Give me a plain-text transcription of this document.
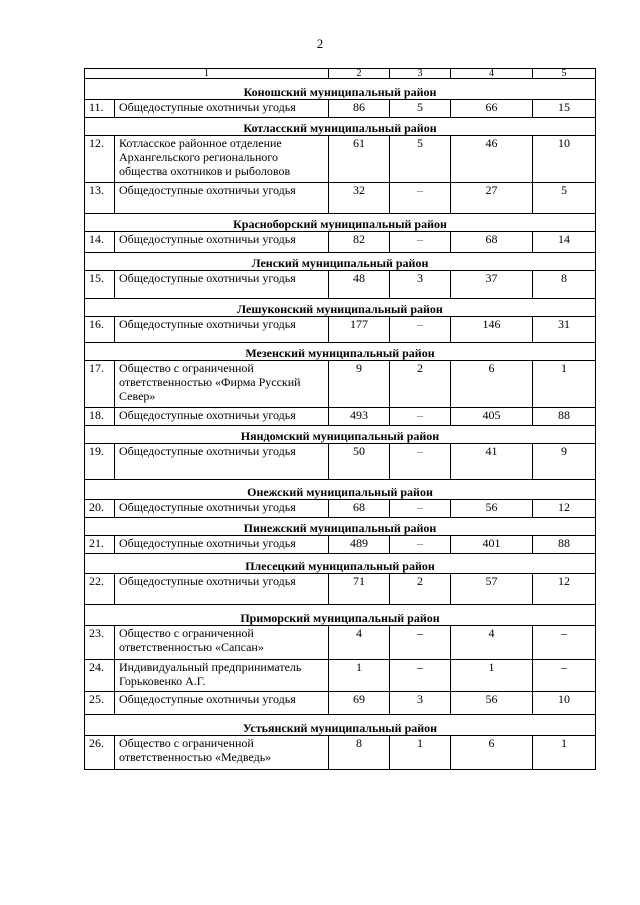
2
1		2	3	4	5
Коношский муниципальный район					
11.	Общедоступные охотничьи угодья	86	5	66	15
Котласский муниципальный район					
12.	Котласское районное отделение Архангельского регионального общества охотников и рыболовов	61	5	46	10
13.	Общедоступные охотничьи угодья	32	–	27	5
Красноборский муниципальный район					
14.	Общедоступные охотничьи угодья	82	–	68	14
Ленский муниципальный район					
15.	Общедоступные охотничьи угодья	48	3	37	8
Лешуконский муниципальный район					
16.	Общедоступные охотничьи угодья	177	–	146	31
Мезенский муниципальный район					
17.	Общество с ограниченной ответственностью «Фирма Русский Север»	9	2	6	1
18.	Общедоступные охотничьи угодья	493	–	405	88
Няндомский муниципальный район					
19.	Общедоступные охотничьи угодья	50	–	41	9
Онежский муниципальный район					
20.	Общедоступные охотничьи угодья	68	–	56	12
Пинежский муниципальный район					
21.	Общедоступные охотничьи угодья	489	–	401	88
Плесецкий муниципальный район					
22.	Общедоступные охотничьи угодья	71	2	57	12
Приморский муниципальный район					
23.	Общество с ограниченной ответственностью «Сапсан»	4	–	4	–
24.	Индивидуальный предприниматель Горьковенко А.Г.	1	–	1	–
25.	Общедоступные охотничьи угодья	69	3	56	10
Устьянский муниципальный район					
26.	Общество с ограниченной ответственностью «Медведь»	8	1	6	1
